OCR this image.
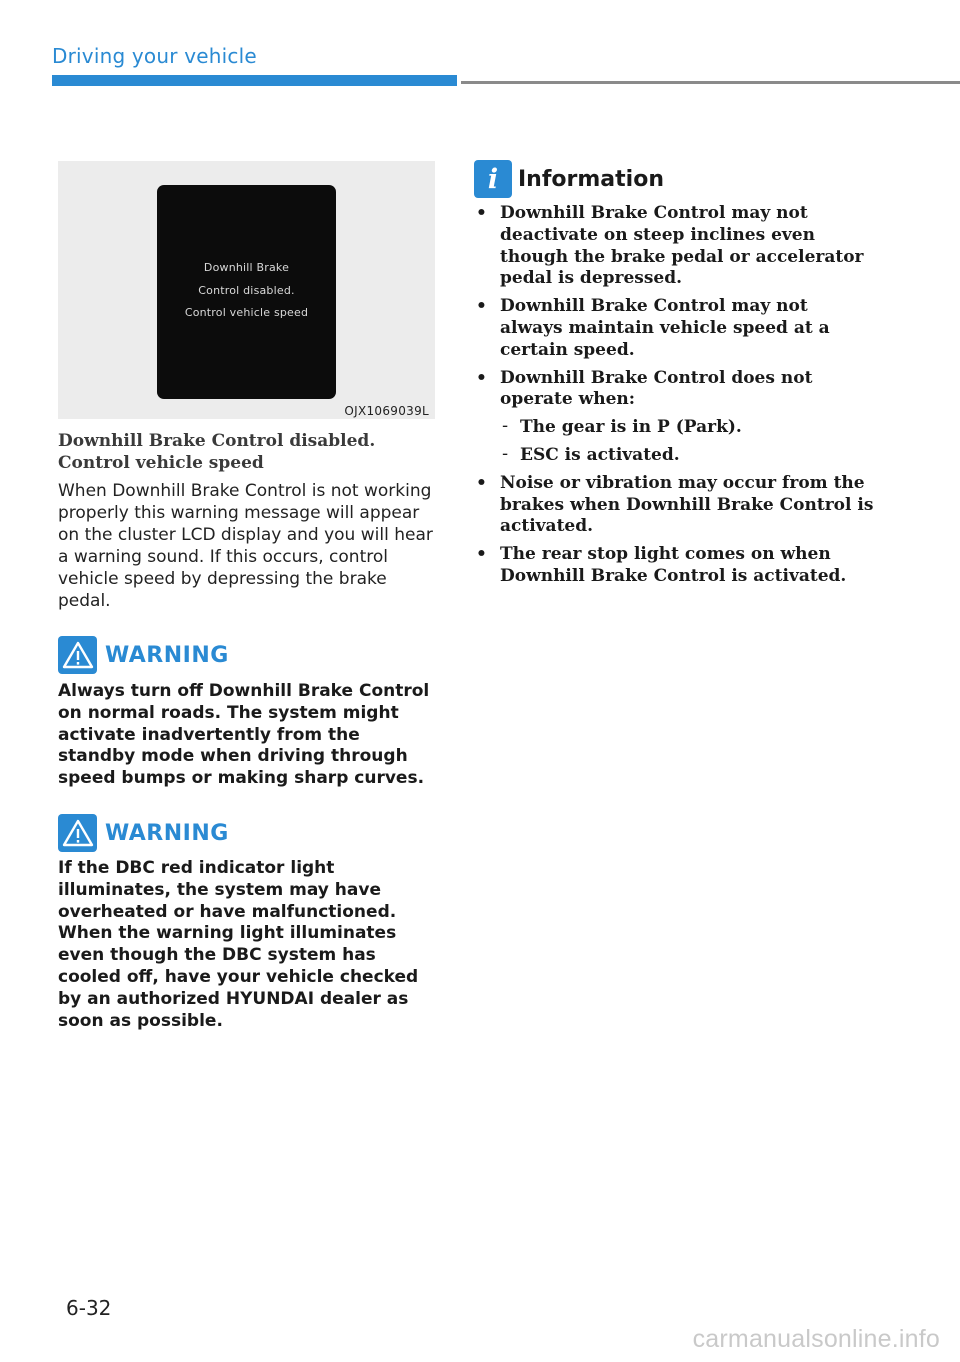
Driving your vehicle
Downhill Brake
Control disabled.
Control vehicle speed
OJX1069039L
Downhill Brake Control disabled. Control vehicle speed
When Downhill Brake Control is not working properly this warning message will appear on the cluster LCD display and you will hear a warning sound. If this occurs, control vehicle speed by depressing the brake pedal.
WARNING
Always turn off Downhill Brake Control on normal roads. The system might activate inadvertently from the standby mode when driving through speed bumps or making sharp curves.
WARNING
If the DBC red indicator light illuminates, the system may have overheated or have malfunctioned. When the warning light illuminates even though the DBC system has cooled off, have your vehicle checked by an authorized HYUNDAI dealer as soon as possible.
i Information
• Downhill Brake Control may not deactivate on steep inclines even though the brake pedal or accelerator pedal is depressed.
• Downhill Brake Control may not always maintain vehicle speed at a certain speed.
• Downhill Brake Control does not operate when:
- The gear is in P (Park).
- ESC is activated.
• Noise or vibration may occur from the brakes when Downhill Brake Control is activated.
• The rear stop light comes on when Downhill Brake Control is activated.
6-32
carmanualsonline.info
